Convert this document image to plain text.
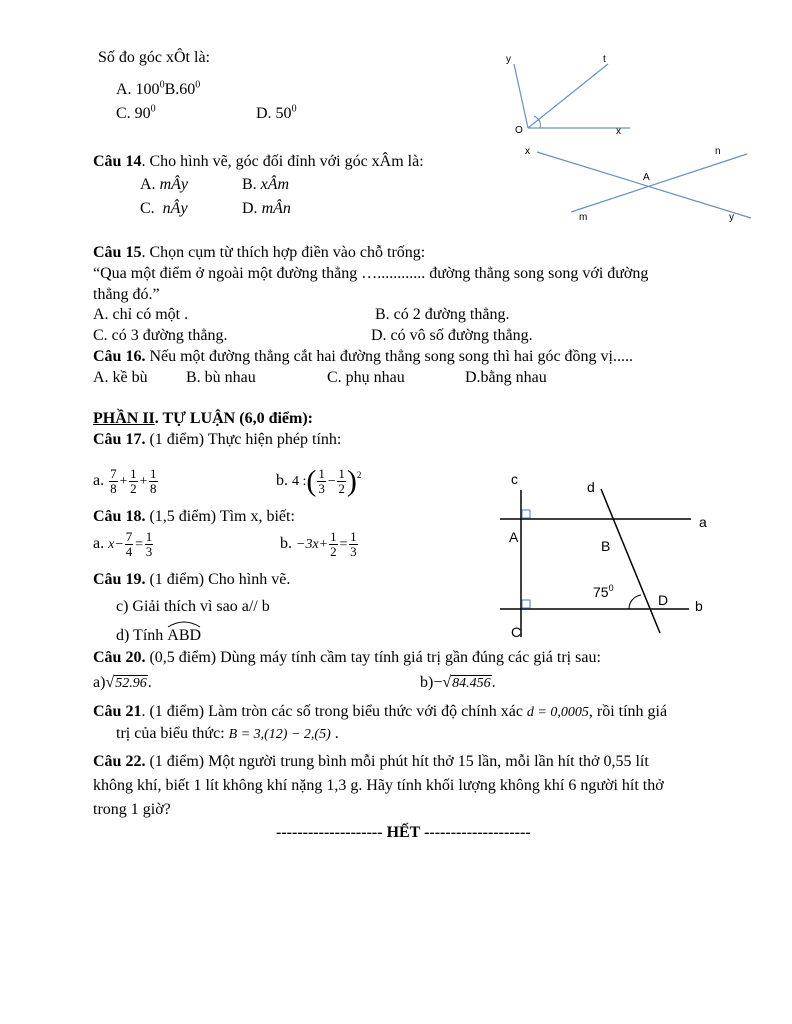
Số đo góc xÔt là:
A. $100^0B.60^0$
C. $90^0$	D. $50^0$
y	t
O	x
Câu 14. Cho hình vẽ, góc đối đỉnh với góc xÂm là:
A. mÂy	B. xÂm
C. nÂy	D. mÂn
x	n
A
m	y
Câu 15. Chọn cụm từ thích hợp điền vào chỗ trống:
“Qua một điểm ở ngoài một đường thẳng …............ đường thẳng song song với đường
thẳng đó.”
A. chỉ có một .	B. có 2 đường thẳng.
C. có 3 đường thẳng.	D. có vô số đường thẳng.
Câu 16. Nếu một đường thẳng cắt hai đường thẳng song song thì hai góc đồng vị.....
A. kề bù B. bù nhau	C. phụ nhau	D.bằng nhau
PHẦN II. TỰ LUẬN (6,0 điểm):
Câu 17. (1 điểm) Thực hiện phép tính:
a. $\frac{7}{8} + \frac{1}{2} + \frac{1}{8}$	b. 4 :( $\frac{1}{3} - \frac{1}{2} )^2$
Câu 18. (1,5 điểm) Tìm x, biết:
a. $x- \frac{7}{4} = \frac{1}{3}$	b. $-3x+ \frac{1}{2} = \frac{1}{3}$
Câu 19. (1 điểm) Cho hình vẽ.
c) Giải thích vì sao a// b
d) Tính
ABD
c	d
a
A
B
$75^0$
D b
C
Câu 20. (0,5 điểm) Dùng máy tính cầm tay tính giá trị gần đúng các giá trị sau:
a)√52.96.	b)−√84.456.
Câu 21. (1 điểm) Làm tròn các số trong biểu thức với độ chính xác d = 0,0005, rồi tính giá
trị của biểu thức: B = 3,(12) − 2,(5) .
Câu 22. (1 điểm) Một người trung bình mỗi phút hít thở 15 lần, mỗi lần hít thở 0,55 lít
không khí, biết 1 lít không khí nặng 1,3 g. Hãy tính khối lượng không khí 6 người hít thở
trong 1 giờ?
-------------------- HẾT --------------------
